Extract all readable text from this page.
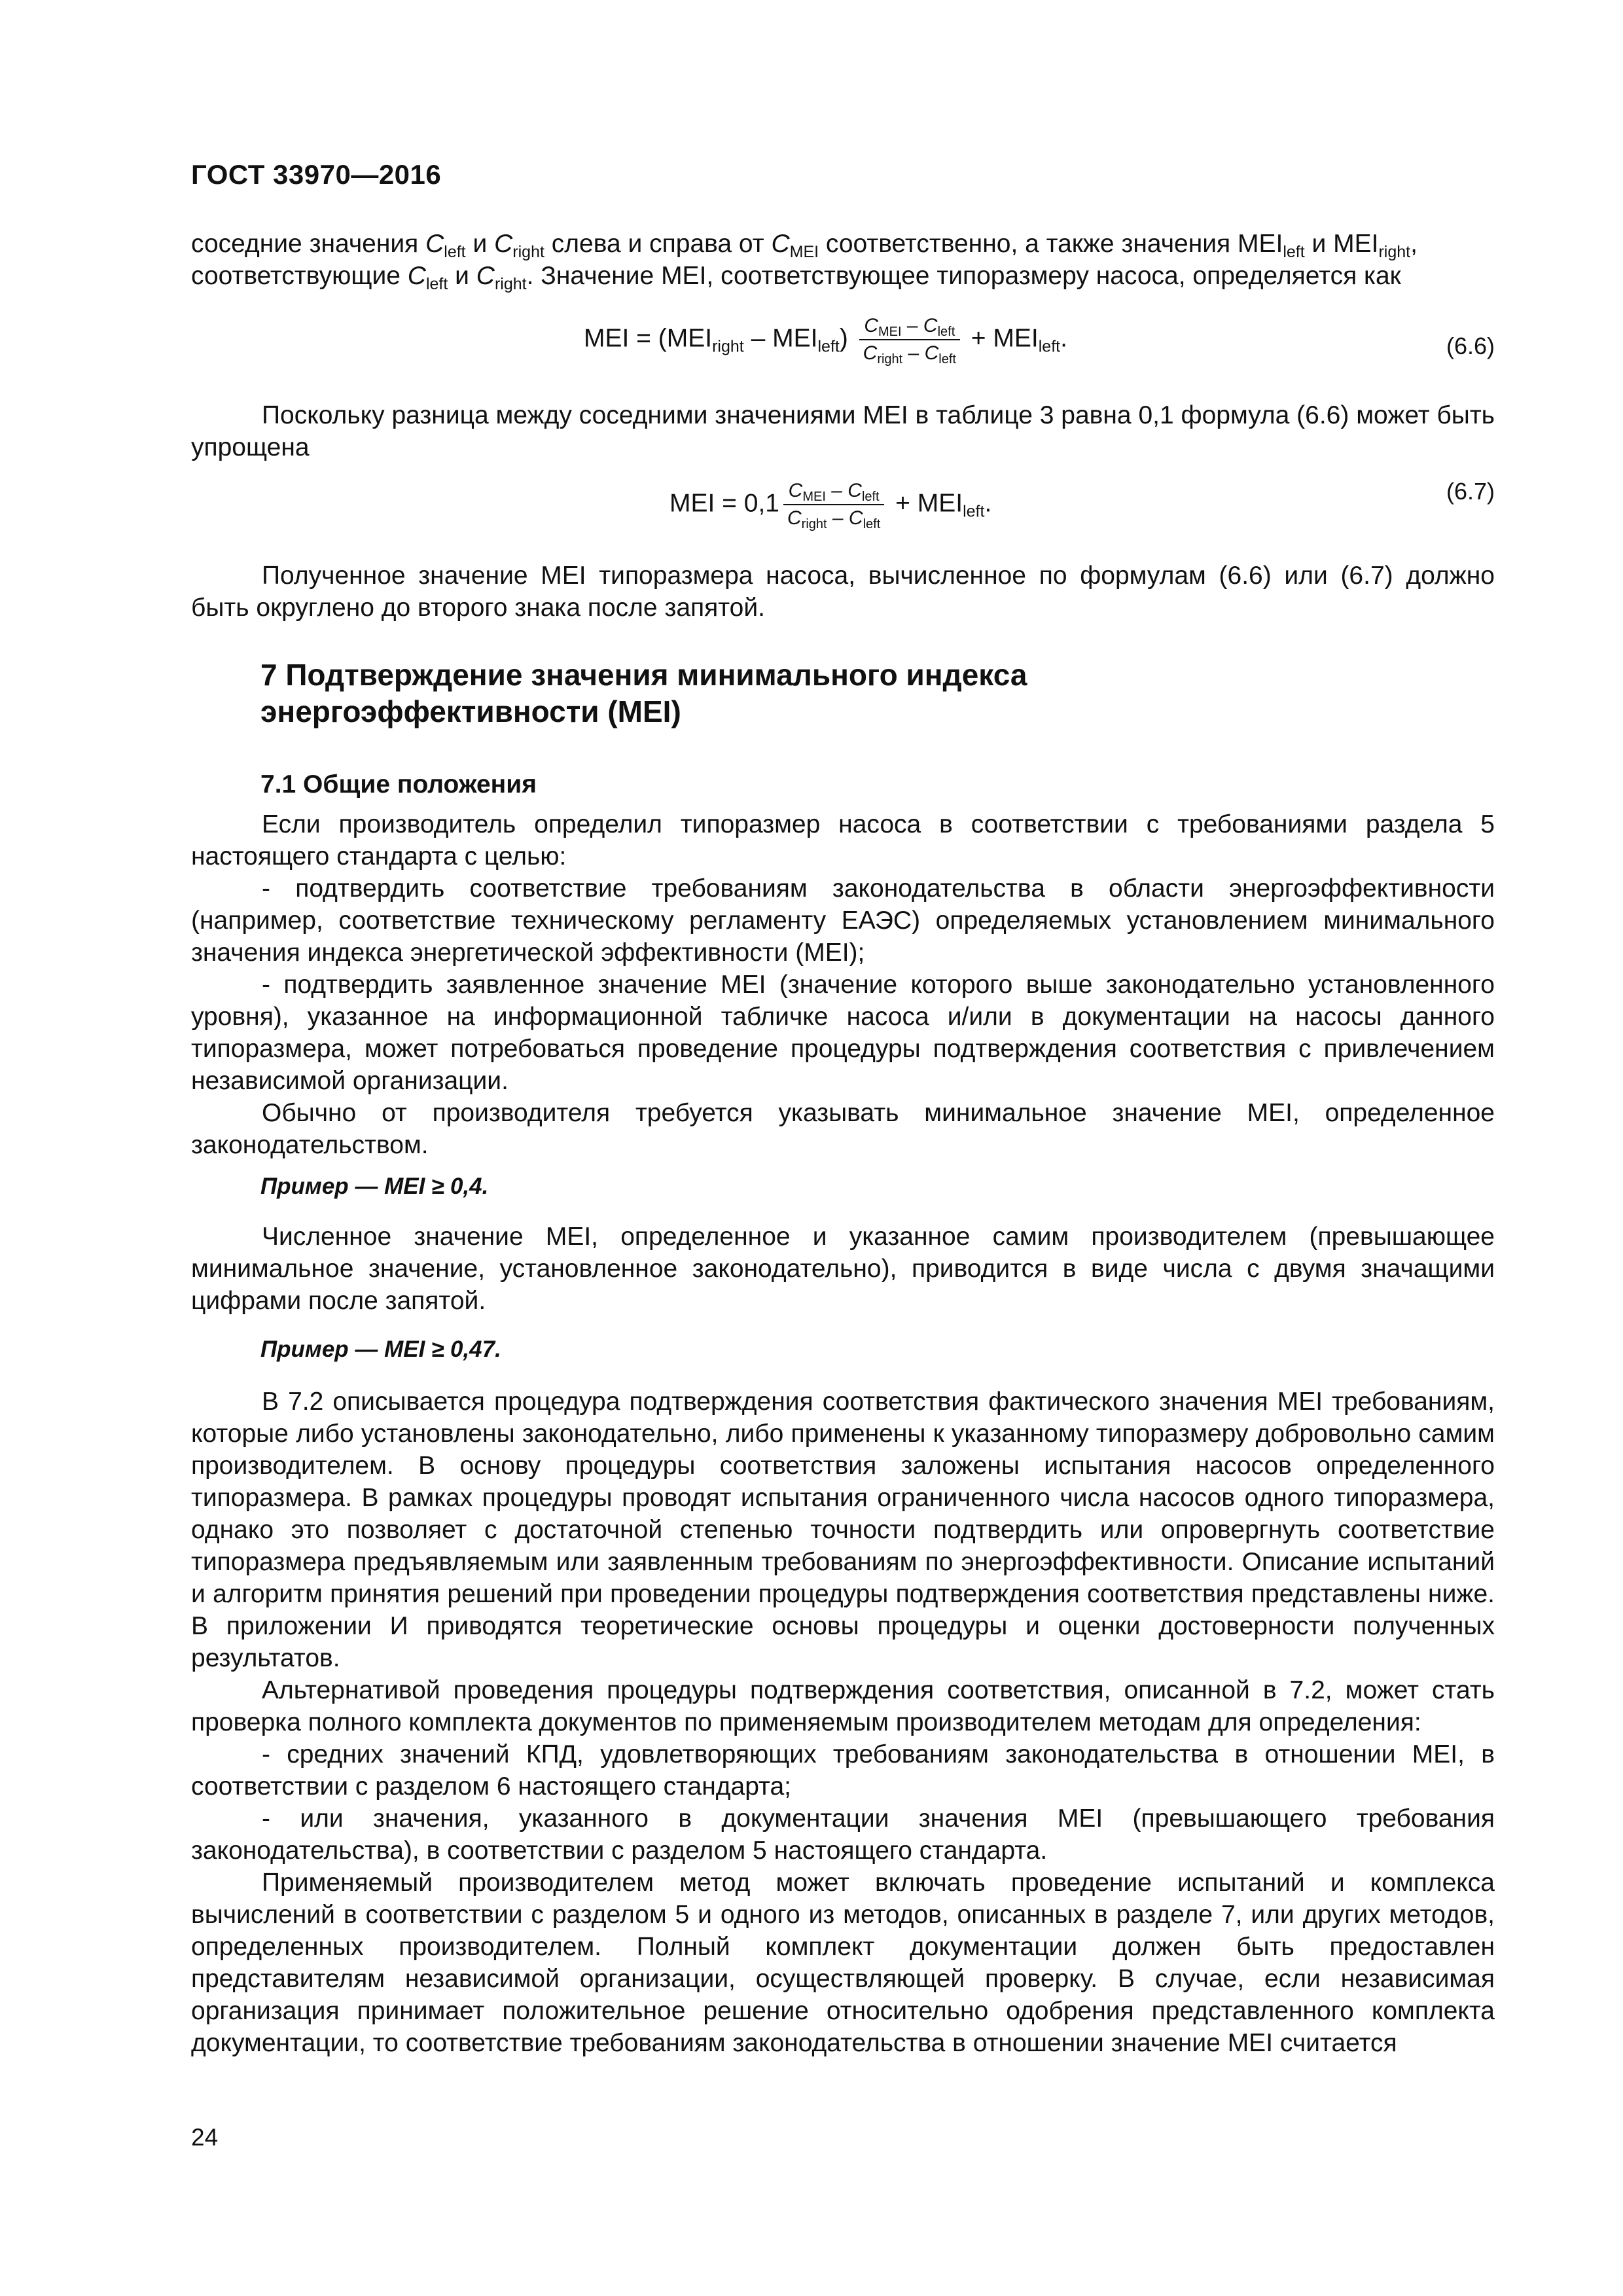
ГОСТ 33970—2016

соседние значения $C_{left}$ и $C_{right}$ слева и справа от $C_{MEI}$ соответственно, а также значения $MEI_{left}$ и $MEI_{right}$,

соответствующие $C_{left}$ и $C_{right}$. Значение MEI, соответствующее типоразмеру насоса, определяется как

MEI = $(MEI_{right} - MEI_{left}) \frac{C_{MEI} - C_{left}}{C_{right} - C_{left}} + MEI_{left}$.	(6.6)

Поскольку разница между соседними значениями MEI в таблице 3 равна 0,1 формула (6.6) может быть упрощена

MEI = $0,1 \frac{C_{MEI} - C_{left}}{C_{right} - C_{left}} + MEI_{left}$.	(6.7)

Полученное значение MEI типоразмера насоса, вычисленное по формулам (6.6) или (6.7) должно быть округлено до второго знака после запятой.

7 Подтверждение значения минимального индекса
энергоэффективности (MEI)
7.1 Общие положения

Если производитель определил типоразмер насоса в соответствии с требованиями раздела 5 настоящего стандарта с целью:

- подтвердить соответствие требованиям законодательства в области энергоэффективности (например, соответствие техническому регламенту ЕАЭС) определяемых установлением минимального значения индекса энергетической эффективности (MEI);

- подтвердить заявленное значение MEI (значение которого выше законодательно установленного уровня), указанное на информационной табличке насоса и/или в документации на насосы данного типоразмера, может потребоваться проведение процедуры подтверждения соответствия с привлечением независимой организации.

Обычно от производителя требуется указывать минимальное значение MEI, определенное законодательством.

Пример — MEI ≥ 0,4.

Численное значение MEI, определенное и указанное самим производителем (превышающее минимальное значение, установленное законодательно), приводится в виде числа с двумя значащими цифрами после запятой.

Пример — MEI ≥ 0,47.

В 7.2 описывается процедура подтверждения соответствия фактического значения MEI требованиям, которые либо установлены законодательно, либо применены к указанному типоразмеру добровольно самим производителем. В основу процедуры соответствия заложены испытания насосов определенного типоразмера. В рамках процедуры проводят испытания ограниченного числа насосов одного типоразмера, однако это позволяет с достаточной степенью точности подтвердить или опровергнуть соответствие типоразмера предъявляемым или заявленным требованиям по энергоэффективности. Описание испытаний и алгоритм принятия решений при проведении процедуры подтверждения соответствия представлены ниже. В приложении И приводятся теоретические основы процедуры и оценки достоверности полученных результатов.

Альтернативой проведения процедуры подтверждения соответствия, описанной в 7.2, может стать проверка полного комплекта документов по применяемым производителем методам для определения:

- средних значений КПД, удовлетворяющих требованиям законодательства в отношении MEI, в соответствии с разделом 6 настоящего стандарта;

- или значения, указанного в документации значения MEI (превышающего требования законодательства), в соответствии с разделом 5 настоящего стандарта.

Применяемый производителем метод может включать проведение испытаний и комплекса вычислений в соответствии с разделом 5 и одного из методов, описанных в разделе 7, или других методов, определенных производителем. Полный комплект документации должен быть предоставлен представителям независимой организации, осуществляющей проверку. В случае, если независимая организация принимает положительное решение относительно одобрения представленного комплекта документации, то соответствие требованиям законодательства в отношении значение MEI считается

24
